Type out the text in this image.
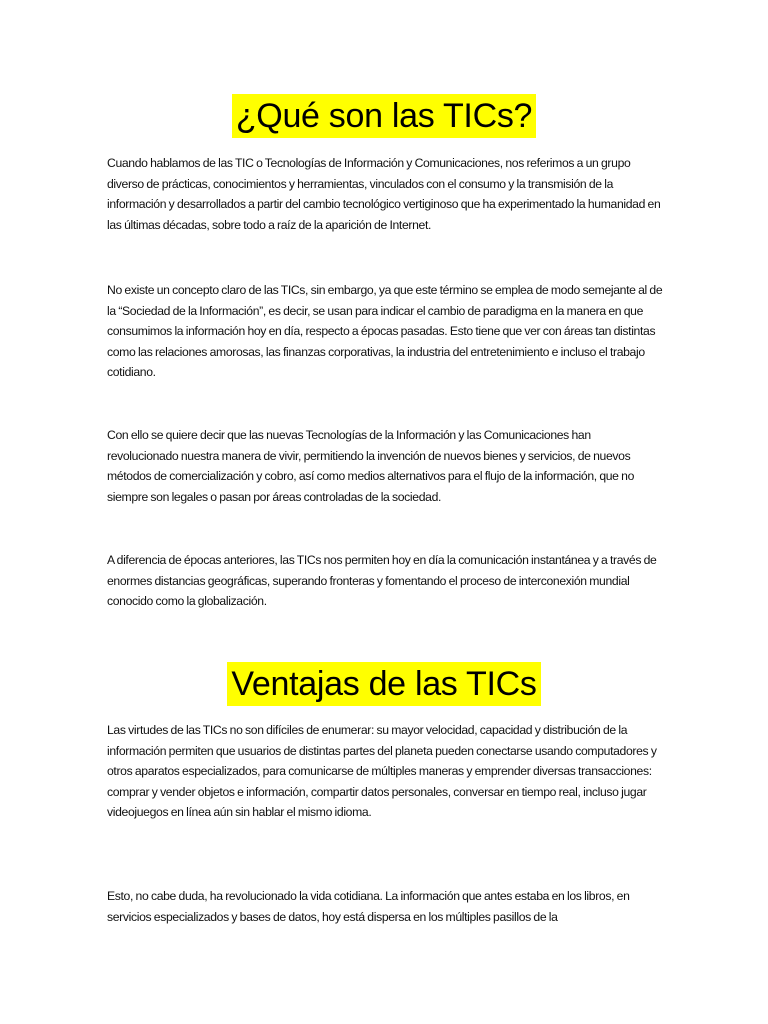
¿Qué son las TICs?

Cuando hablamos de las TIC o Tecnologías de Información y Comunicaciones, nos referimos a un grupo diverso de prácticas, conocimientos y herramientas, vinculados con el consumo y la transmisión de la información y desarrollados a partir del cambio tecnológico vertiginoso que ha experimentado la humanidad en las últimas décadas, sobre todo a raíz de la aparición de Internet.

No existe un concepto claro de las TICs, sin embargo, ya que este término se emplea de modo semejante al de la “Sociedad de la Información”, es decir, se usan para indicar el cambio de paradigma en la manera en que consumimos la información hoy en día, respecto a épocas pasadas. Esto tiene que ver con áreas tan distintas como las relaciones amorosas, las finanzas corporativas, la industria del entretenimiento e incluso el trabajo cotidiano.

Con ello se quiere decir que las nuevas Tecnologías de la Información y las Comunicaciones han revolucionado nuestra manera de vivir, permitiendo la invención de nuevos bienes y servicios, de nuevos métodos de comercialización y cobro, así como medios alternativos para el flujo de la información, que no siempre son legales o pasan por áreas controladas de la sociedad.

A diferencia de épocas anteriores, las TICs nos permiten hoy en día la comunicación instantánea y a través de enormes distancias geográficas, superando fronteras y fomentando el proceso de interconexión mundial conocido como la globalización.

Ventajas de las TICs

Las virtudes de las TICs no son difíciles de enumerar: su mayor velocidad, capacidad y distribución de la información permiten que usuarios de distintas partes del planeta pueden conectarse usando computadores y otros aparatos especializados, para comunicarse de múltiples maneras y emprender diversas transacciones: comprar y vender objetos e información, compartir datos personales, conversar en tiempo real, incluso jugar videojuegos en línea aún sin hablar el mismo idioma.

Esto, no cabe duda, ha revolucionado la vida cotidiana. La información que antes estaba en los libros, en servicios especializados y bases de datos, hoy está dispersa en los múltiples pasillos de la
